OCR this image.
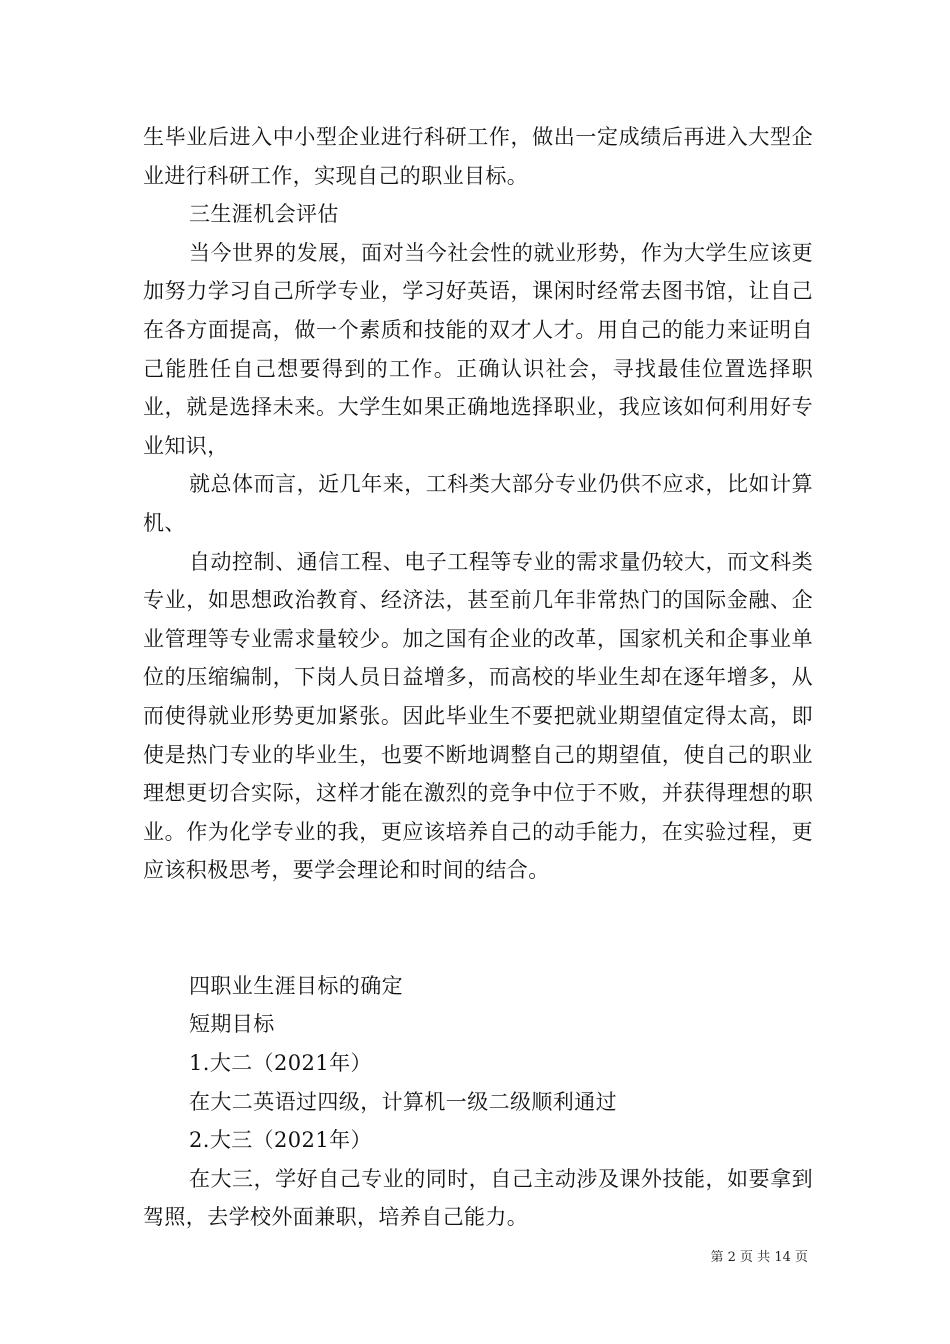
生毕业后进入中小型企业进行科研工作，做出一定成绩后再进入大型企业进行科研工作，实现自己的职业目标。

三生涯机会评估

当今世界的发展，面对当今社会性的就业形势，作为大学生应该更加努力学习自己所学专业，学习好英语，课闲时经常去图书馆，让自己在各方面提高，做一个素质和技能的双才人才。用自己的能力来证明自己能胜任自己想要得到的工作。正确认识社会，寻找最佳位置选择职业，就是选择未来。大学生如果正确地选择职业，我应该如何利用好专业知识，

就总体而言，近几年来，工科类大部分专业仍供不应求，比如计算机、

自动控制、通信工程、电子工程等专业的需求量仍较大，而文科类专业，如思想政治教育、经济法，甚至前几年非常热门的国际金融、企业管理等专业需求量较少。加之国有企业的改革，国家机关和企事业单位的压缩编制，下岗人员日益增多，而高校的毕业生却在逐年增多，从而使得就业形势更加紧张。因此毕业生不要把就业期望值定得太高，即使是热门专业的毕业生，也要不断地调整自己的期望值，使自己的职业理想更切合实际，这样才能在激烈的竞争中位于不败，并获得理想的职业。作为化学专业的我，更应该培养自己的动手能力，在实验过程，更应该积极思考，要学会理论和时间的结合。

四职业生涯目标的确定

短期目标

1.大二（2021年）

在大二英语过四级，计算机一级二级顺利通过

2.大三（2021年）

在大三，学好自己专业的同时，自己主动涉及课外技能，如要拿到驾照，去学校外面兼职，培养自己能力。

第 2 页 共 14 页
